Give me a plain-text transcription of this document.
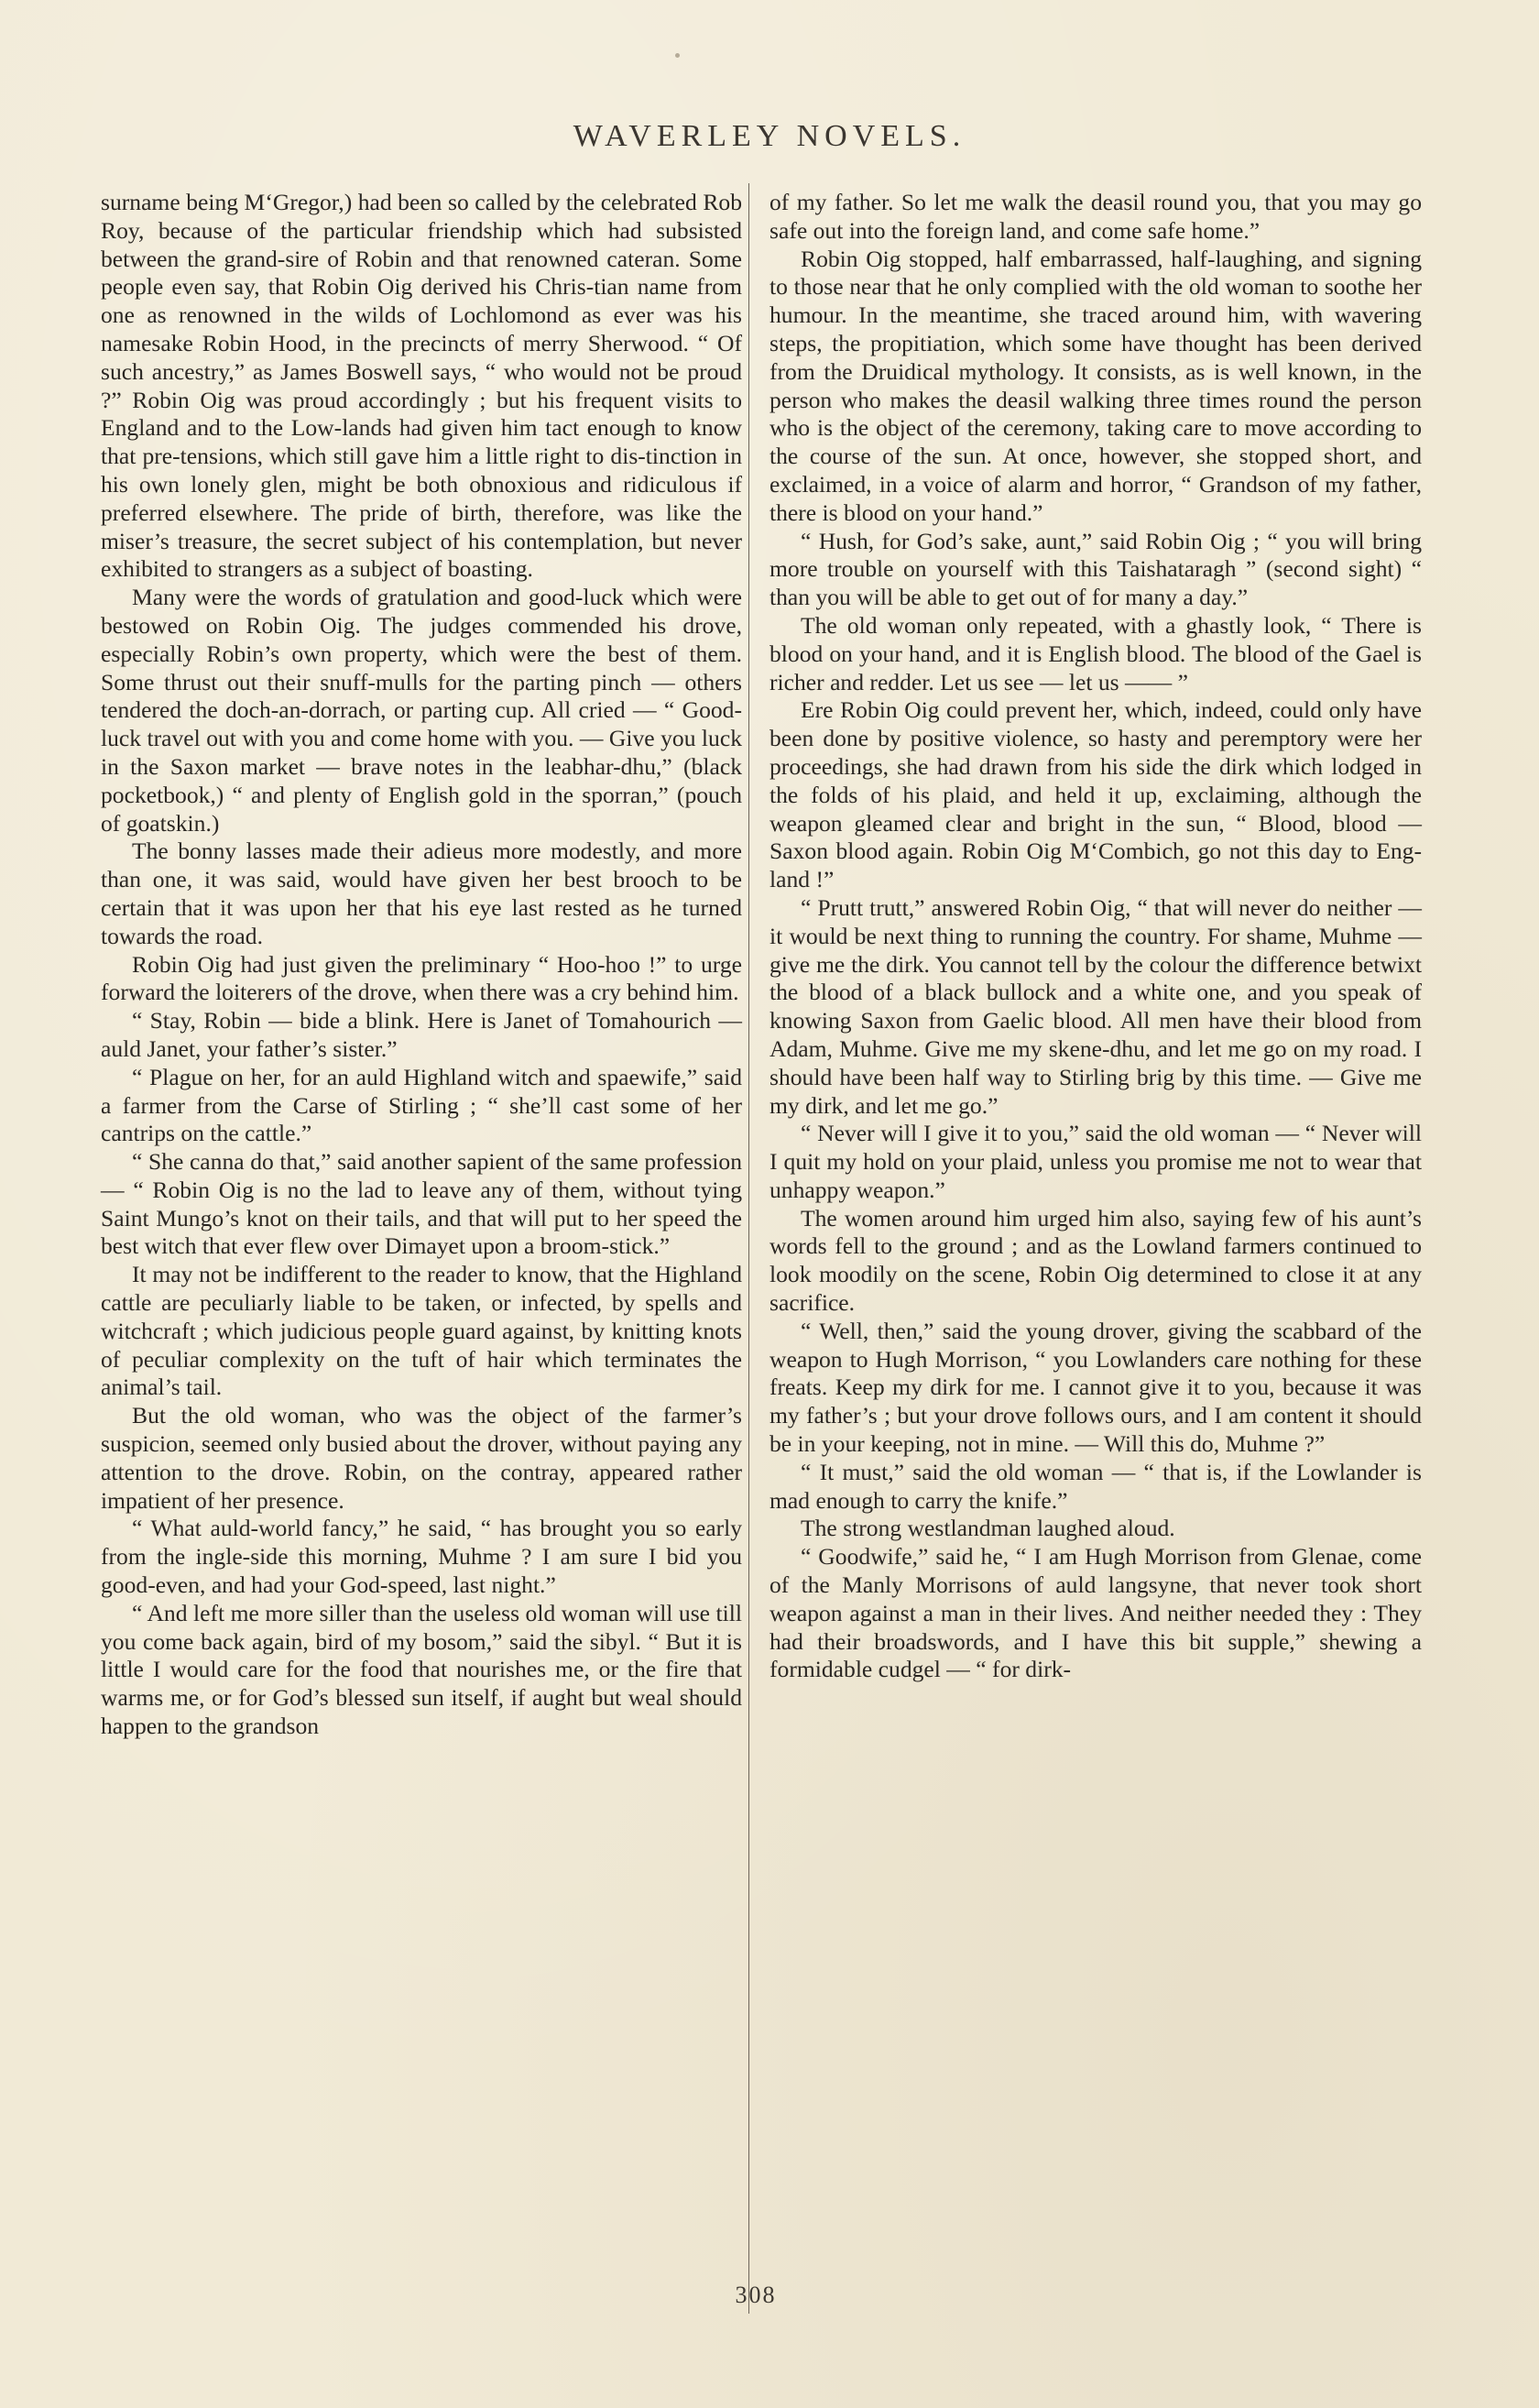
WAVERLEY NOVELS.

surname being M‘Gregor,) had been so called by the celebrated Rob Roy, because of the particular friendship which had subsisted between the grand-sire of Robin and that renowned cateran. Some people even say, that Robin Oig derived his Chris-tian name from one as renowned in the wilds of Lochlomond as ever was his namesake Robin Hood, in the precincts of merry Sherwood. “ Of such ancestry,” as James Boswell says, “ who would not be proud ?” Robin Oig was proud accordingly ; but his frequent visits to England and to the Low-lands had given him tact enough to know that pre-tensions, which still gave him a little right to dis-tinction in his own lonely glen, might be both obnoxious and ridiculous if preferred elsewhere. The pride of birth, therefore, was like the miser’s treasure, the secret subject of his contemplation, but never exhibited to strangers as a subject of boasting.

Many were the words of gratulation and good-luck which were bestowed on Robin Oig. The judges commended his drove, especially Robin’s own property, which were the best of them. Some thrust out their snuff-mulls for the parting pinch — others tendered the doch-an-dorrach, or parting cup. All cried — “ Good-luck travel out with you and come home with you. — Give you luck in the Saxon market — brave notes in the leabhar-dhu,” (black pocketbook,) “ and plenty of English gold in the sporran,” (pouch of goatskin.)

The bonny lasses made their adieus more modestly, and more than one, it was said, would have given her best brooch to be certain that it was upon her that his eye last rested as he turned towards the road.

Robin Oig had just given the preliminary “ Hoo-hoo !” to urge forward the loiterers of the drove, when there was a cry behind him.

“ Stay, Robin — bide a blink. Here is Janet of Tomahourich — auld Janet, your father’s sister.”

“ Plague on her, for an auld Highland witch and spaewife,” said a farmer from the Carse of Stirling ; “ she’ll cast some of her cantrips on the cattle.”

“ She canna do that,” said another sapient of the same profession — “ Robin Oig is no the lad to leave any of them, without tying Saint Mungo’s knot on their tails, and that will put to her speed the best witch that ever flew over Dimayet upon a broom-stick.”

It may not be indifferent to the reader to know, that the Highland cattle are peculiarly liable to be taken, or infected, by spells and witchcraft ; which judicious people guard against, by knitting knots of peculiar complexity on the tuft of hair which terminates the animal’s tail.

But the old woman, who was the object of the farmer’s suspicion, seemed only busied about the drover, without paying any attention to the drove. Robin, on the contray, appeared rather impatient of her presence.

“ What auld-world fancy,” he said, “ has brought you so early from the ingle-side this morning, Muhme ? I am sure I bid you good-even, and had your God-speed, last night.”

“ And left me more siller than the useless old woman will use till you come back again, bird of my bosom,” said the sibyl. “ But it is little I would care for the food that nourishes me, or the fire that warms me, or for God’s blessed sun itself, if aught but weal should happen to the grandson

of my father. So let me walk the deasil round you, that you may go safe out into the foreign land, and come safe home.”

Robin Oig stopped, half embarrassed, half-laughing, and signing to those near that he only complied with the old woman to soothe her humour. In the meantime, she traced around him, with wavering steps, the propitiation, which some have thought has been derived from the Druidical mythology. It consists, as is well known, in the person who makes the deasil walking three times round the person who is the object of the ceremony, taking care to move according to the course of the sun. At once, however, she stopped short, and exclaimed, in a voice of alarm and horror, “ Grandson of my father, there is blood on your hand.”

“ Hush, for God’s sake, aunt,” said Robin Oig ; “ you will bring more trouble on yourself with this Taishataragh ” (second sight) “ than you will be able to get out of for many a day.”

The old woman only repeated, with a ghastly look, “ There is blood on your hand, and it is English blood. The blood of the Gael is richer and redder. Let us see — let us —— ”

Ere Robin Oig could prevent her, which, indeed, could only have been done by positive violence, so hasty and peremptory were her proceedings, she had drawn from his side the dirk which lodged in the folds of his plaid, and held it up, exclaiming, although the weapon gleamed clear and bright in the sun, “ Blood, blood — Saxon blood again. Robin Oig M‘Combich, go not this day to Eng-land !”

“ Prutt trutt,” answered Robin Oig, “ that will never do neither — it would be next thing to running the country. For shame, Muhme — give me the dirk. You cannot tell by the colour the difference betwixt the blood of a black bullock and a white one, and you speak of knowing Saxon from Gaelic blood. All men have their blood from Adam, Muhme. Give me my skene-dhu, and let me go on my road. I should have been half way to Stirling brig by this time. — Give me my dirk, and let me go.”

“ Never will I give it to you,” said the old woman — “ Never will I quit my hold on your plaid, unless you promise me not to wear that unhappy weapon.”

The women around him urged him also, saying few of his aunt’s words fell to the ground ; and as the Lowland farmers continued to look moodily on the scene, Robin Oig determined to close it at any sacrifice.

“ Well, then,” said the young drover, giving the scabbard of the weapon to Hugh Morrison, “ you Lowlanders care nothing for these freats. Keep my dirk for me. I cannot give it to you, because it was my father’s ; but your drove follows ours, and I am content it should be in your keeping, not in mine. — Will this do, Muhme ?”

“ It must,” said the old woman — “ that is, if the Lowlander is mad enough to carry the knife.”

The strong westlandman laughed aloud.

“ Goodwife,” said he, “ I am Hugh Morrison from Glenae, come of the Manly Morrisons of auld langsyne, that never took short weapon against a man in their lives. And neither needed they : They had their broadswords, and I have this bit supple,” shewing a formidable cudgel — “ for dirk-

308
